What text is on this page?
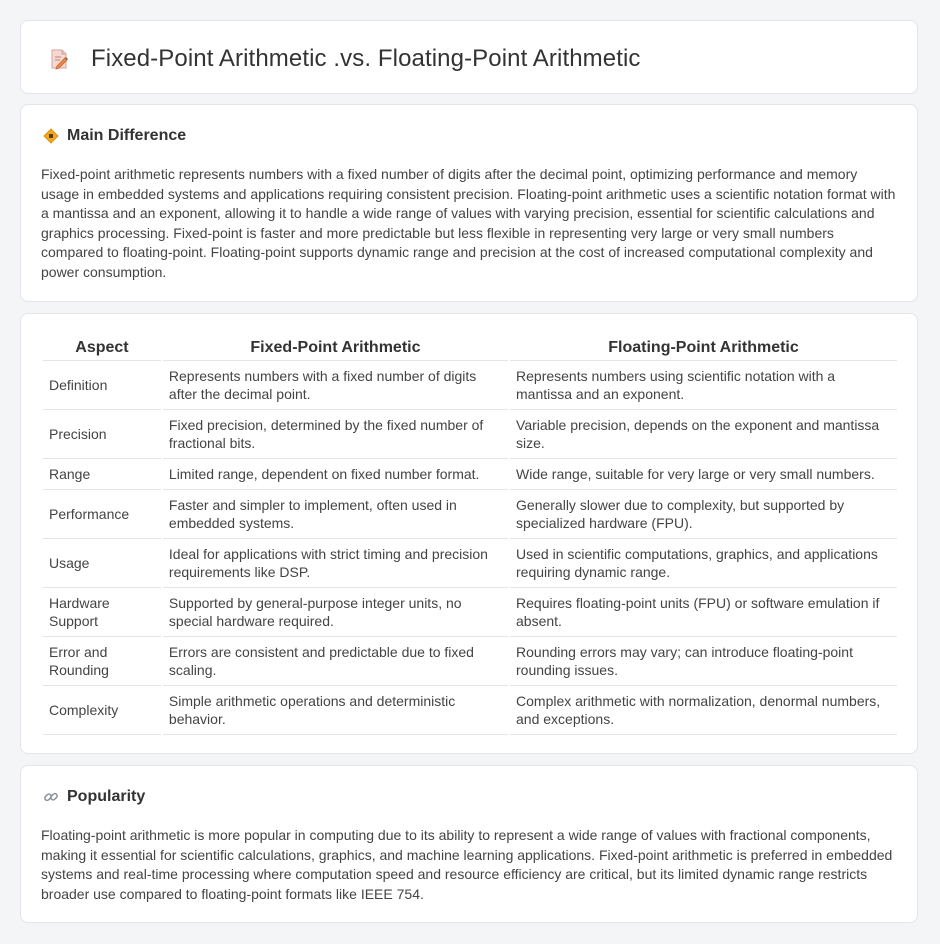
Fixed-Point Arithmetic .vs. Floating-Point Arithmetic
Main Difference

Fixed-point arithmetic represents numbers with a fixed number of digits after the decimal point, optimizing performance and memory usage in embedded systems and applications requiring consistent precision. Floating-point arithmetic uses a scientific notation format with a mantissa and an exponent, allowing it to handle a wide range of values with varying precision, essential for scientific calculations and graphics processing. Fixed-point is faster and more predictable but less flexible in representing very large or very small numbers compared to floating-point. Floating-point supports dynamic range and precision at the cost of increased computational complexity and power consumption.

Aspect	Fixed-Point Arithmetic	Floating-Point Arithmetic
Definition	Represents numbers with a fixed number of digits after the decimal point.	Represents numbers using scientific notation with a mantissa and an exponent.
Precision	Fixed precision, determined by the fixed number of fractional bits.	Variable precision, depends on the exponent and mantissa size.
Range	Limited range, dependent on fixed number format.	Wide range, suitable for very large or very small numbers.
Performance	Faster and simpler to implement, often used in embedded systems.	Generally slower due to complexity, but supported by specialized hardware (FPU).
Usage	Ideal for applications with strict timing and precision requirements like DSP.	Used in scientific computations, graphics, and applications requiring dynamic range.
Hardware Support	Supported by general-purpose integer units, no special hardware required.	Requires floating-point units (FPU) or software emulation if absent.
Error and Rounding	Errors are consistent and predictable due to fixed scaling.	Rounding errors may vary; can introduce floating-point rounding issues.
Complexity	Simple arithmetic operations and deterministic behavior.	Complex arithmetic with normalization, denormal numbers, and exceptions.
Popularity

Floating-point arithmetic is more popular in computing due to its ability to represent a wide range of values with fractional components, making it essential for scientific calculations, graphics, and machine learning applications. Fixed-point arithmetic is preferred in embedded systems and real-time processing where computation speed and resource efficiency are critical, but its limited dynamic range restricts broader use compared to floating-point formats like IEEE 754.
